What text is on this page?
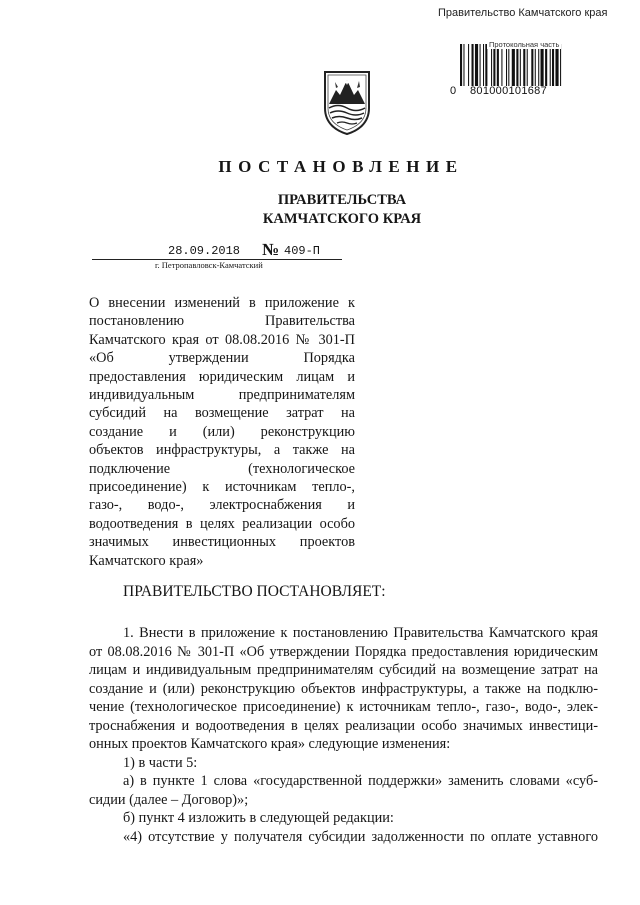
Правительство Камчатского края
Протокольная часть
0 801000101687
ПОСТАНОВЛЕНИЕ
ПРАВИТЕЛЬСТВА
КАМЧАТСКОГО КРАЯ
28.09.2018 № 409-П
г. Петропавловск-Камчатский
О внесении изменений в приложение к
постановлению Правительства
Камчатского края от 08.08.2016 № 301-П
«Об утверждении Порядка
предоставления юридическим лицам и
индивидуальным предпринимателям
субсидий на возмещение затрат на
создание и (или) реконструкцию
объектов инфраструктуры, а также на
подключение (технологическое
присоединение) к источникам тепло-,
газо-, водо-, электроснабжения и
водоотведения в целях реализации особо
значимых инвестиционных проектов
Камчатского края»
ПРАВИТЕЛЬСТВО ПОСТАНОВЛЯЕТ:
1. Внести в приложение к постановлению Правительства Камчатского края
от 08.08.2016 № 301-П «Об утверждении Порядка предоставления юридическим
лицам и индивидуальным предпринимателям субсидий на возмещение затрат на
создание и (или) реконструкцию объектов инфраструктуры, а также на подклю-
чение (технологическое присоединение) к источникам тепло-, газо-, водо-, элек-
троснабжения и водоотведения в целях реализации особо значимых инвестици-
онных проектов Камчатского края» следующие изменения:
1) в части 5:
а) в пункте 1 слова «государственной поддержки» заменить словами «суб-
сидии (далее – Договор)»;
б) пункт 4 изложить в следующей редакции:
«4) отсутствие у получателя субсидии задолженности по оплате уставного
